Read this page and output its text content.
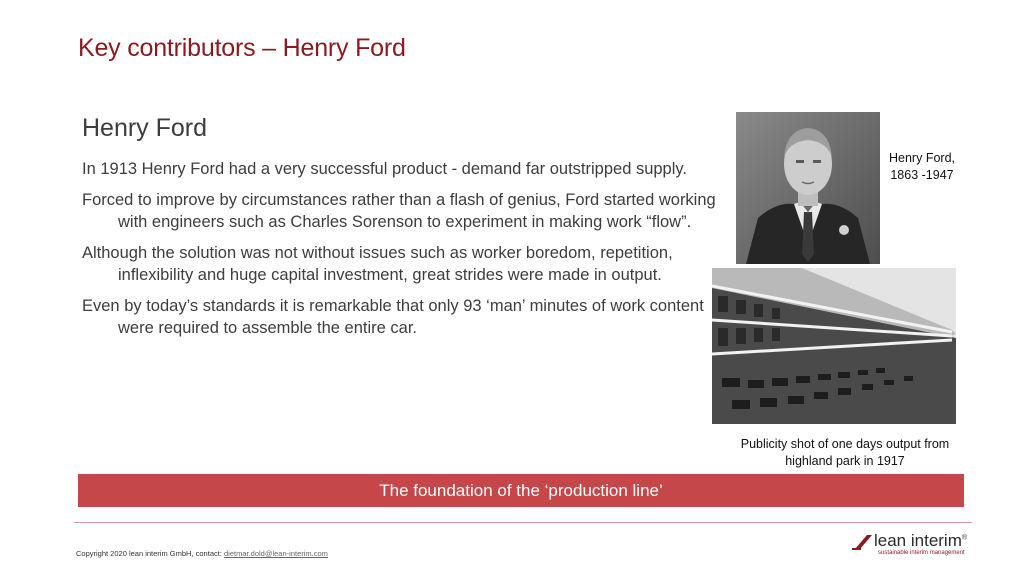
Key contributors – Henry Ford
Henry Ford

In 1913 Henry Ford had a very successful product - demand far outstripped supply.

Forced to improve by circumstances rather than a flash of genius, Ford started working with engineers such as Charles Sorenson to experiment in making work “flow”.

Although the solution was not without issues such as worker boredom, repetition, inflexibility and huge capital investment, great strides were made in output.

Even by today’s standards it is remarkable that only 93 ‘man’ minutes of work content were required to assemble the entire car.

Henry Ford,
1863 -1947
Publicity shot of one days output from
highland park in 1917
The foundation of the ‘production line’
Copyright 2020 lean interim GmbH, contact: dietmar.dold@lean-interim.com
lean interim®
sustainable interim management
